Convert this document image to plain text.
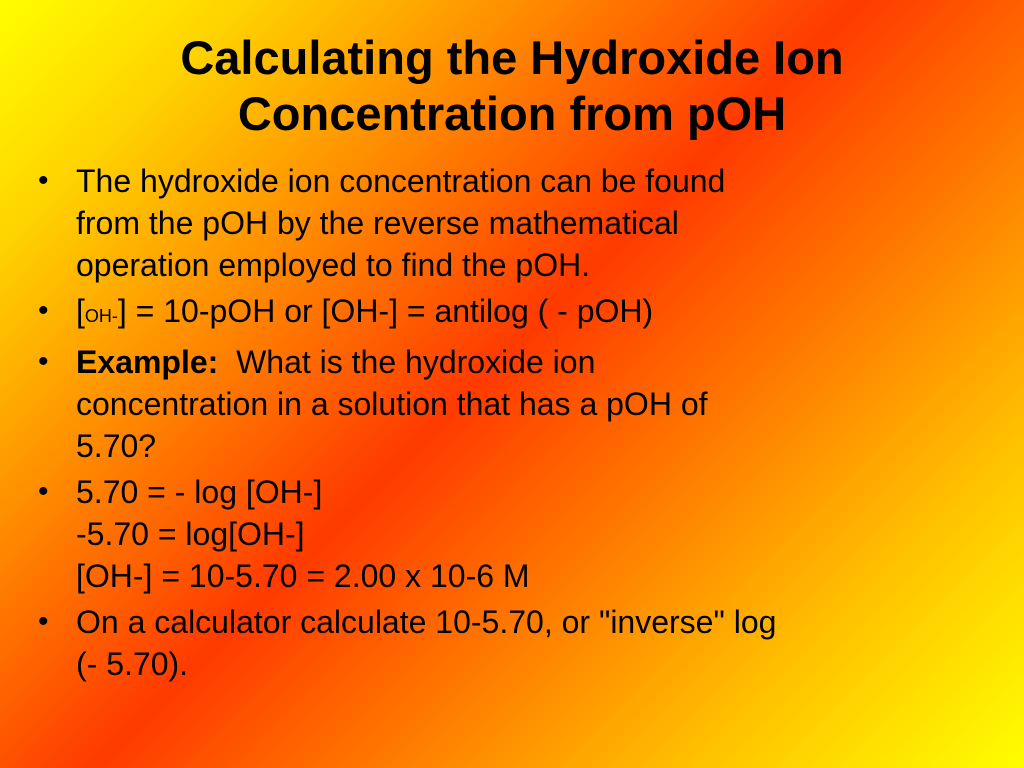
Calculating the Hydroxide Ion
Concentration from pOH
• The hydroxide ion concentration can be found
from the pOH by the reverse mathematical
operation employed to find the pOH.
• [OH-] = 10-pOH or [OH-] = antilog ( - pOH)
• Example: What is the hydroxide ion
concentration in a solution that has a pOH of
5.70?
• 5.70 = - log [OH-]
-5.70 = log[OH-]
[OH-] = 10-5.70 = 2.00 x 10-6 M
• On a calculator calculate 10-5.70, or "inverse" log
(- 5.70).
